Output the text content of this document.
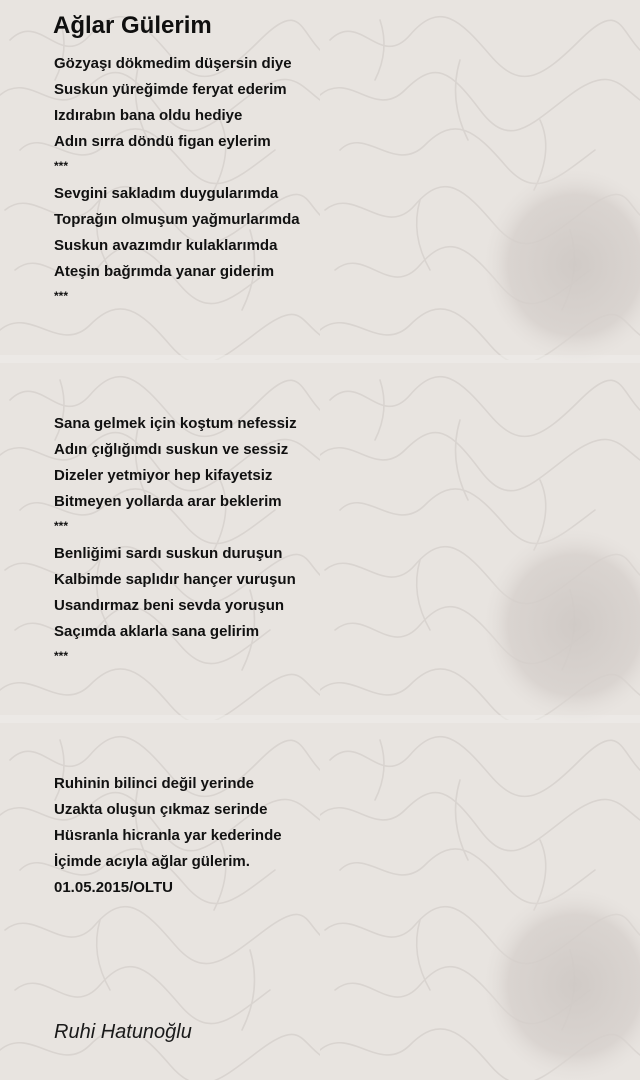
Ağlar Gülerim
Gözyaşı dökmedim düşersin diye
Suskun yüreğimde feryat ederim
Izdırabın bana oldu hediye
Adın sırra döndü figan eylerim
***
Sevgini sakladım duygularımda
Toprağın olmuşum yağmurlarımda
Suskun avazımdır kulaklarımda
Ateşin bağrımda yanar giderim
***
Sana gelmek için koştum nefessiz
Adın çığlığımdı suskun ve sessiz
Dizeler yetmiyor hep kifayetsiz
Bitmeyen yollarda arar beklerim
***
Benliğimi sardı suskun duruşun
Kalbimde saplıdır hançer vuruşun
Usandırmaz beni sevda yoruşun
Saçımda aklarla sana gelirim
***
Ruhinin bilinci değil yerinde
Uzakta oluşun çıkmaz serinde
Hüsranla hicranla yar kederinde
İçimde acıyla ağlar gülerim.
01.05.2015/OLTU
Ruhi Hatunoğlu
